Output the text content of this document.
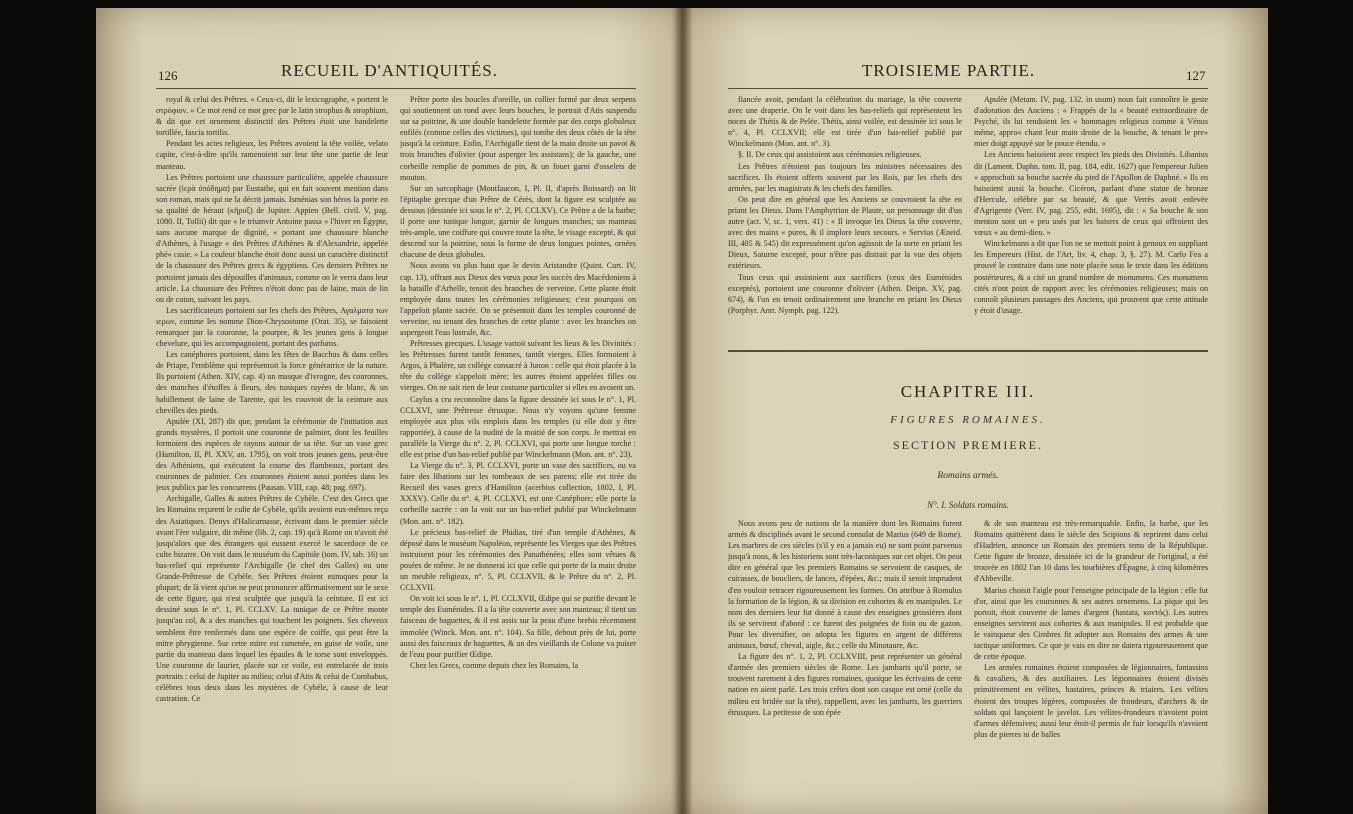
126	RECUEIL D'ANTIQUITÉS.

royal & celui des Prêtres. « Ceux-ci, dit le lexicographe, « portent le στρόφιον. » Ce mot rend ce mot grec par le latin strophus & strophium, & dit que cet ornement distinctif des Prêtres étoit une bandelette tortillée, fascia tortilis.

Pendant les actes religieux, les Prêtres avoient la tête voilée, velato capite, c'est-à-dire qu'ils ramenoient sur leur tête une partie de leur manteau.

Les Prêtres portoient une chaussure particulière, appelée chaussure sacrée (ἱερὰ ὑπόδημα) par Eustathe, qui en fait souvent mention dans son roman, mais qui ne la décrit jamais. Isménias son héros la porte en sa qualité de héraut (κῆρυξ) de Jupiter. Appien (Bell. civil. V, pag. 1080. II, Tollii) dit que « le triumvir Antoine passa « l'hiver en Égypte, sans aucune marque de dignité, « portant une chaussure blanche d'Athènes, à l'usage « des Prêtres d'Athènes & d'Alexandrie, appelée phé« casie. » La couleur blanche étoit donc aussi un caractère distinctif de la chaussure des Prêtres grecs & égyptiens. Ces derniers Prêtres ne portoient jamais des dépouilles d'animaux, comme on le verra dans leur article. La chaussure des Prêtres n'étoit donc pas de laine, mais de lin ou de coton, suivant les pays.

Les sacrificateurs portoient sur les chefs des Prêtres, Αγαλματα των ιερων, comme les nomme Dion-Chrysostome (Orat. 35), se faisoient remarquer par la couronne, la pourpre, & les jeunes gens à longue chevelure, qui les accompagnoient, portant des parfums.

Les canéphores portoient, dans les fêtes de Bacchus & dans celles de Priape, l'emblème qui représentoit la force génératrice de la nature. Ils portoient (Athen. XIV, cap. 4) un masque d'ivrogne, des couronnes, des manches d'étoffes à fleurs, des tuniques rayées de blanc, & un habillement de laine de Tarente, qui les couvroit de la ceinture aux chevilles des pieds.

Apulée (XI, 287) dit que, pendant la cérémonie de l'initiation aux grands mystères, il portoit une couronne de palmier, dont les feuilles formoient des espèces de rayons autour de sa tête. Sur un vase grec (Hamilton, II, Pl. XXV, an. 1795), on voit trois jeunes gens, peut-être des Athéniens, qui exécutent la course des flambeaux, portant des couronnes de palmier. Ces couronnes étoient aussi portées dans les jeux publics par les concurrens (Pausan. VIII, cap. 48; pag. 697).

Archigalle, Galles & autres Prêtres de Cybèle. C'est des Grecs que les Romains reçurent le culte de Cybèle, qu'ils avoient eux-mêmes reçu des Asiatiques. Denys d'Halicarnasse, écrivant dans le premier siècle avant l'ère vulgaire, dit même (lib. 2, cap. 19) qu'à Rome on n'avoit été jusqu'alors que des étrangers qui eussent exercé le sacerdoce de ce culte bizarre. On voit dans le muséum du Capitole (tom. IV, tab. 16) un bas-relief qui représente l'Archigalle (le chef des Galles) ou une Grande-Prêtresse de Cybèle. Ses Prêtres étoient eunuques pour la plupart; de là vient qu'on ne peut prononcer affirmativement sur le sexe de cette figure, qui n'est sculptée que jusqu'à la ceinture. Il est ici dessiné sous le n°. 1, Pl. CCLXV. La tunique de ce Prêtre monte jusqu'au col, & a des manches qui touchent les poignets. Ses cheveux semblent être renfermés dans une espèce de coiffe, qui peut être la mitre phrygienne. Sur cette mitre est ramenée, en guise de voile, une partie du manteau dans lequel les épaules & le torse sont enveloppés. Une couronne de laurier, placée sur ce voile, est entrelacée de trois portraits : celui de Jupiter au milieu; celui d'Atis & celui de Combabus, célèbres tous deux dans les mystères de Cybèle, à cause de leur castration. Ce

Prêtre porte des boucles d'oreille, un collier formé par deux serpens qui soutiennent un rond avec leurs bouches, le portrait d'Atis suspendu sur sa poitrine, & une double bandelette formée par des corps globuleux enfilés (comme celles des victimes), qui tombe des deux côtés de la tête jusqu'à la ceinture. Enfin, l'Archigalle tient de la main droite un pavot & trois branches d'olivier (pour asperger les assistans); de la gauche, une corbeille remplie de pommes de pin, & un fouet garni d'osselets de mouton.

Sur un sarcophage (Montfaucon, I, Pl. II, d'après Boissard) on lit l'épitaphe grecque d'un Prêtre de Cérès, dont la figure est sculptée au dessous (dessinée ici sous le n°. 2, Pl. CCLXV). Ce Prêtre a de la barbe; il porte une tunique longue, garnie de longues manches; un manteau très-ample, une coiffure qui couvre toute la tête, le visage excepté, & qui descend sur la poitrine, sous la forme de deux longues pointes, ornées chacune de deux globules.

Nous avons vu plus haut que le devin Aristandre (Quint. Curt. IV, cap. 13), offrant aux Dieux des vœux pour les succès des Macédoniens à la bataille d'Arbelle, tenoit des branches de verveine. Cette plante étoit employée dans toutes les cérémonies religieuses; c'est pourquoi on l'appeloit plante sacrée. On se présentoit dans les temples couronné de verveine, ou tenant des branches de cette plante : avec les branches on aspergeoit l'eau lustrale, &c.

Prêtresses grecques. L'usage varioit suivant les lieux & les Divinités : les Prêtresses furent tantôt femmes, tantôt vierges. Elles formoient à Argos, à Phalère, un collége consacré à Junon : celle qui étoit placée à la tête du collége s'appeloit mère; les autres étoient appelées filles ou vierges. On ne sait rien de leur costume particulier si elles en avoient un.

Caylus a cru reconnoître dans la figure dessinée ici sous le n°. 1, Pl. CCLXVI, une Prêtresse étrusque. Nous n'y voyons qu'une femme employée aux plus vils emplois dans les temples (si elle doit y être rapportée), à cause de la nudité de la moitié de son corps. Je mettrai en parallèle la Vierge du n°. 2, Pl. CCLXVI, qui porte une longue torche : elle est prise d'un bas-relief publié par Winckelmann (Mon. ant. n°. 23).

La Vierge du n°. 3, Pl. CCLXVI, porte un vase des sacrifices, ou va faire des libations sur les tombeaux de ses parens; elle est tirée du Recueil des vases grecs d'Hamilton (acerbius collection, 1802, I, Pl. XXXV). Celle du n°. 4, Pl. CCLXVI, est une Canéphore; elle porte la corbeille sacrée : on la voit sur un bas-relief publié par Winckelmann (Mon. ant. n°. 182).

Le précieux bas-relief de Phidias, tiré d'un temple d'Athènes, & déposé dans le muséum Napoléon, représente les Vierges que des Prêtres instruisent pour les cérémonies des Panathénées; elles sont vêtues & posées de même. Je ne donnerai ici que celle qui porte de la main droite un meuble religieux, n°. 5, Pl. CCLXVII, & le Prêtre du n°. 2, Pl. CCLXVII.

On voit ici sous le n°. 1, Pl. CCLXVII, Œdipe qui se purifie devant le temple des Euménides. Il a la tête couverte avec son manteau; il tient un faisceau de baguettes, & il est assis sur la peau d'une brebis récemment immolée (Winck. Mon. ant. n°. 104). Sa fille, debout près de lui, porte aussi des faisceaux de baguettes, & un des vieillards de Colone va puiser de l'eau pour purifier Œdipe.

Chez les Grecs, comme depuis chez les Romains, la

TROISIEME PARTIE.	127

fiancée avoit, pendant la célébration du mariage, la tête couverte avec une draperie. On le voit dans les bas-reliefs qui représentent les noces de Thétis & de Pelée. Thétis, ainsi voilée, est dessinée ici sous le n°. 4, Pl. CCLXVII; elle est tirée d'un bas-relief publié par Winckelmann (Mon. ant. n°. 3).

§. II. De ceux qui assistoient aux cérémonies religieuses.

Les Prêtres n'étoient pas toujours les ministres nécessaires des sacrifices. Ils étoient offerts souvent par les Rois, par les chefs des armées, par les magistrats & les chefs des familles.

On peut dire en général que les Anciens se couvroient la tête en priant les Dieux. Dans l'Amphytrion de Plaute, un personnage dit d'un autre (act. V, sc. 1, vers. 41) : « Il invoque les Dieux la tête couverte, avec des mains « pures, & il implore leurs secours. » Servius (Æneid. III, 405 & 545) dit expressément qu'on agissoit de la sorte en priant les Dieux, Saturne excepté, pour n'être pas distrait par la vue des objets extérieurs.

Tous ceux qui assistoient aux sacrifices (ceux des Euménides exceptés), portoient une couronne d'olivier (Athen. Deipn. XV, pag. 674), & l'on en tenoit ordinairement une branche en priant les Dieux (Porphyr. Antr. Nymph. pag. 122).

Apulée (Metam. IV, pag. 132. in usum) nous fait connoître le geste d'adoration des Anciens : « Frappés de la « beauté extraordinaire de Psyché, ils lui rendoient les « hommages religieux comme à Vénus même, appro« chant leur main droite de la bouche, & tenant le pre« mier doigt appuyé sur le pouce étendu. »

Les Anciens baisoient avec respect les pieds des Divinités. Libanius dit (Lament. Daphn. tom. II, pag. 184, edit. 1627) que l'empereur Julien « approchoit sa bouche sacrée du pied de l'Apollon de Daphné. » Ils en baisoient aussi la bouche. Cicéron, parlant d'une statue de bronze d'Hercule, célèbre par sa beauté, & que Verrès avoit enlevée d'Agrigente (Verr. IV, pag. 255, edit. 1695), dit : « Sa bouche & son menton sont un « peu usés par les baisers de ceux qui offroient des vœux « au demi-dieu. »

Winckelmann a dit que l'on ne se mettoit point à genoux en suppliant les Empereurs (Hist. de l'Art, liv. 4, chap. 3, §. 27). M. Carlo Fea a prouvé le contraire dans une note placée sous le texte dans les éditions postérieures, & a cité un grand nombre de monumens. Ces monumens cités n'ont point de rapport avec les cérémonies religieuses; mais on connoît plusieurs passages des Anciens, qui prouvent que cette attitude y étoit d'usage.

CHAPITRE III.
FIGURES ROMAINES.
SECTION PREMIERE.
Romains armés.
N°. I. Soldats romains.

Nous avons peu de notions de la manière dont les Romains furent armés & disciplinés avant le second consulat de Marius (649 de Rome). Les marbres de ces siècles (s'il y en a jamais eu) ne sont point parvenus jusqu'à nous, & les historiens sont très-laconiques sur cet objet. On peut dire en général que les premiers Romains se servoient de casques, de cuirasses, de boucliers, de lances, d'épées, &c.; mais il seroit imprudent d'en vouloir retracer rigoureusement les formes. On attribue à Romulus la formation de la légion, & sa division en cohortes & en manipules. Le nom des derniers leur fut donné à cause des enseignes grossières dont ils se servirent d'abord : ce furent des poignées de foin ou de gazon. Pour les diversifier, on adopta les figures en argent de différens animaux, bœuf, cheval, aigle, &c.; celle du Minotaure, &c.

La figure des n°. 1, 2, Pl. CCLXVIII, peut représenter un général d'armée des premiers siècles de Rome. Les jambarts qu'il porte, se trouvent rarement à des figures romaines, quoique les écrivains de cette nation en aient parlé. Les trois crêtes dont son casque est orné (celle du milieu est bridée sur la tête), rappellent, avec les jambarts, les guerriers étrusques. La petitesse de son épée

& de son manteau est très-remarquable. Enfin, la barbe, que les Romains quittèrent dans le siècle des Scipions & reprirent dans celui d'Hadrien, annonce un Romain des premiers tems de la République. Cette figure de bronze, dessinée ici de la grandeur de l'original, a été trouvée en 1802 l'an 10 dans les tourbières d'Épagne, à cinq kilomètres d'Abbeville.

Marius choisit l'aigle pour l'enseigne principale de la légion : elle fut d'or, ainsi que les couronnes & ses autres ornemens. La pique qui les portoit, étoit couverte de lames d'argent (hastata, κοντός). Les autres enseignes servirent aux cohortes & aux manipules. Il est probable que le vainqueur des Cimbres fit adopter aux Romains des armes & une tactique uniformes. Ce que je vais en dire ne datera rigoureusement que de cette époque.

Les armées romaines étoient composées de légionnaires, fantassins & cavaliers, & des auxiliaires. Les légionnaires étoient divisés primitivement en vélites, hastaires, princes & triaires. Les vélites étoient des troupes légères, composées de frondeurs, d'archers & de soldats qui lançoient le javelot. Les vélites-frondeurs n'avoient point d'armes défensives; aussi leur étoit-il permis de fuir lorsqu'ils n'avoient plus de pierres ni de balles
